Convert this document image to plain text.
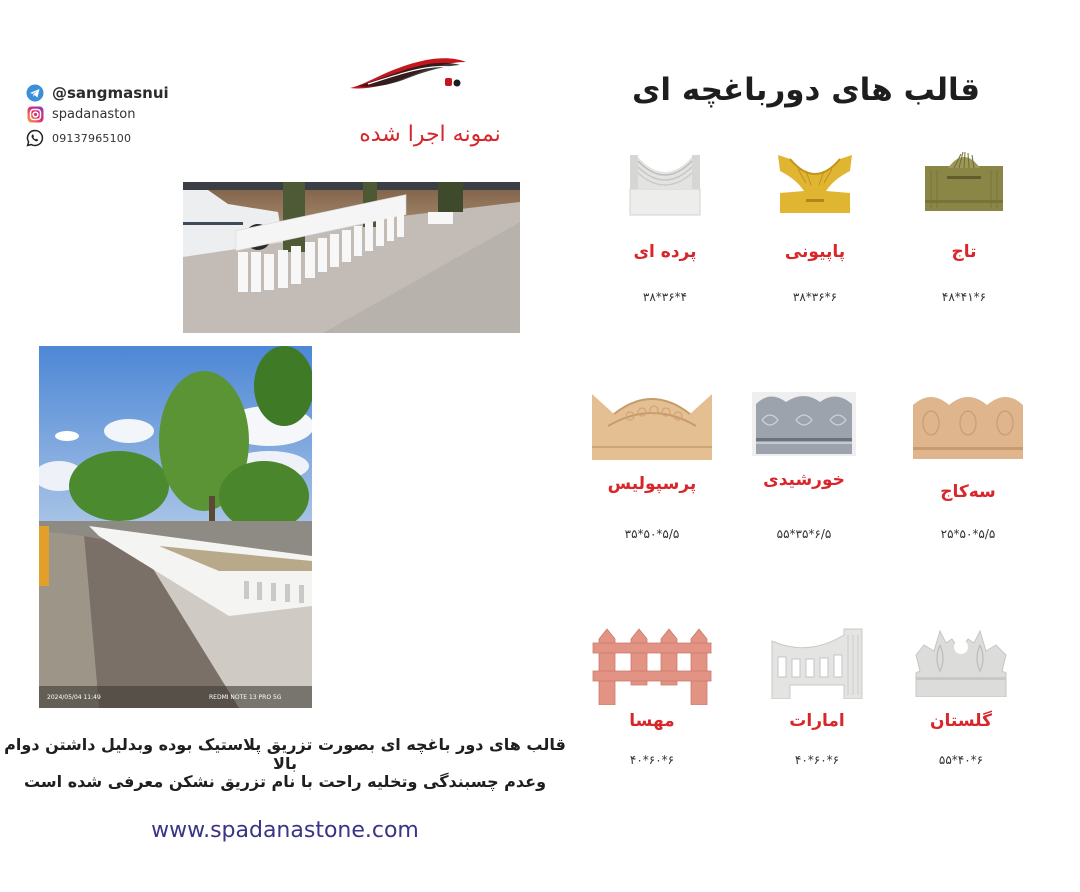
@sangmasnui
spadanaston
09137965100	نمونه اجرا شده
قالب های دورباغچه ای
2024/05/04 11:49	REDMI NOTE 13 PRO 5G
تاج
۴۸*۴۱*۶
پاپیونی
۳۸*۳۶*۶
پرده ای
۳۸*۳۶*۴
سه‌کاج
۲۵*۵۰*۵/۵
خورشیدی
۵۵*۳۵*۶/۵
پرسپولیس
۳۵*۵۰*۵/۵
گلستان
۵۵*۴۰*۶
امارات
۴۰*۶۰*۶
مهسا
۴۰*۶۰*۶
قالب های دور باغچه ای بصورت تزریق پلاستیک بوده وبدلیل داشتن دوام بالا
وعدم چسبندگی وتخلیه راحت با نام تزریق نشکن معرفی شده است
www.spadanastone.com
